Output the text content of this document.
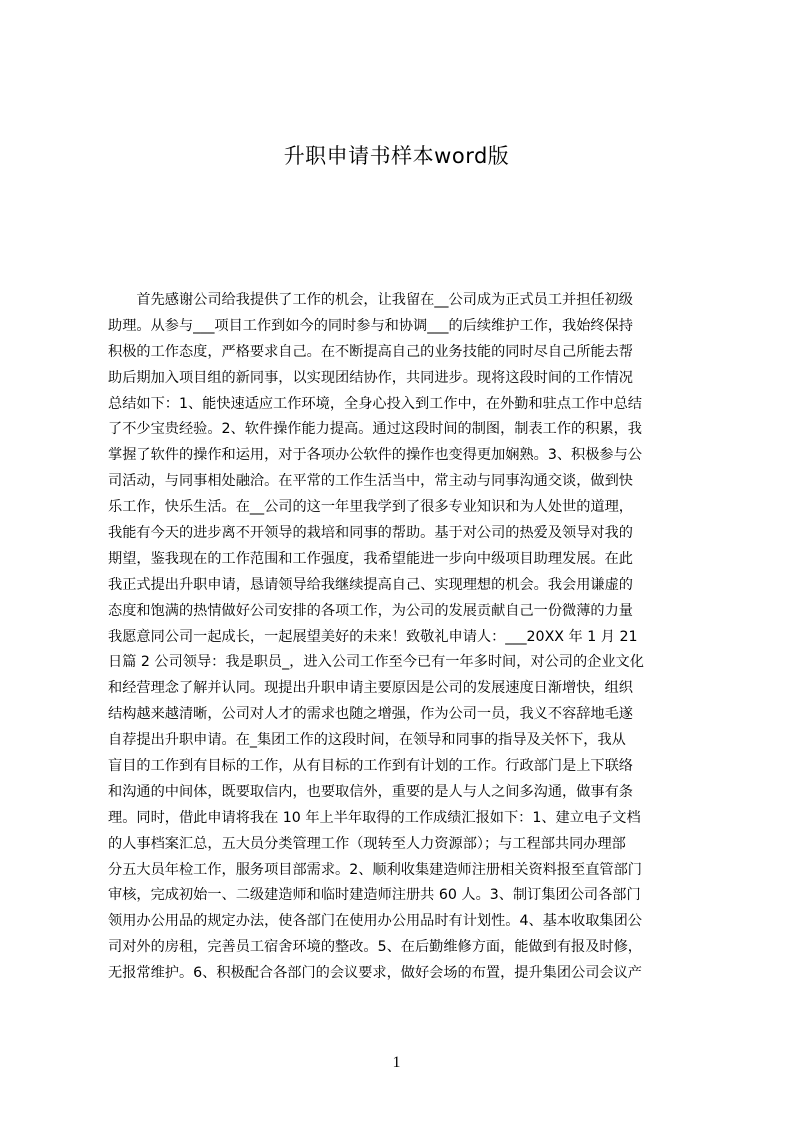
升职申请书样本word版
　　首先感谢公司给我提供了工作的机会，让我留在__公司成为正式员工并担任初级
助理。从参与___项目工作到如今的同时参与和协调___的后续维护工作，我始终保持
积极的工作态度，严格要求自己。在不断提高自己的业务技能的同时尽自己所能去帮
助后期加入项目组的新同事，以实现团结协作，共同进步。现将这段时间的工作情况
总结如下：1、能快速适应工作环境，全身心投入到工作中，在外勤和驻点工作中总结
了不少宝贵经验。2、软件操作能力提高。通过这段时间的制图，制表工作的积累，我
掌握了软件的操作和运用，对于各项办公软件的操作也变得更加娴熟。3、积极参与公
司活动，与同事相处融洽。在平常的工作生活当中，常主动与同事沟通交谈，做到快
乐工作，快乐生活。在__公司的这一年里我学到了很多专业知识和为人处世的道理，
我能有今天的进步离不开领导的栽培和同事的帮助。基于对公司的热爱及领导对我的
期望，鉴我现在的工作范围和工作强度，我希望能进一步向中级项目助理发展。在此
我正式提出升职申请，恳请领导给我继续提高自己、实现理想的机会。我会用谦虚的
态度和饱满的热情做好公司安排的各项工作，为公司的发展贡献自己一份微薄的力量
我愿意同公司一起成长，一起展望美好的未来！致敬礼申请人：___20XX 年 1 月 21
日篇 2 公司领导：我是职员_，进入公司工作至今已有一年多时间，对公司的企业文化
和经营理念了解并认同。现提出升职申请主要原因是公司的发展速度日渐增快，组织
结构越来越清晰，公司对人才的需求也随之增强，作为公司一员，我义不容辞地毛遂
自荐提出升职申请。在_集团工作的这段时间，在领导和同事的指导及关怀下，我从
盲目的工作到有目标的工作，从有目标的工作到有计划的工作。行政部门是上下联络
和沟通的中间体，既要取信内，也要取信外，重要的是人与人之间多沟通，做事有条
理。同时，借此申请将我在 10 年上半年取得的工作成绩汇报如下：1、建立电子文档
的人事档案汇总，五大员分类管理工作（现转至人力资源部）；与工程部共同办理部
分五大员年检工作，服务项目部需求。2、顺利收集建造师注册相关资料报至直管部门
审核，完成初始一、二级建造师和临时建造师注册共 60 人。3、制订集团公司各部门
领用办公用品的规定办法，使各部门在使用办公用品时有计划性。4、基本收取集团公
司对外的房租，完善员工宿舍环境的整改。5、在后勤维修方面，能做到有报及时修，
无报常维护。6、积极配合各部门的会议要求，做好会场的布置，提升集团公司会议产
1
